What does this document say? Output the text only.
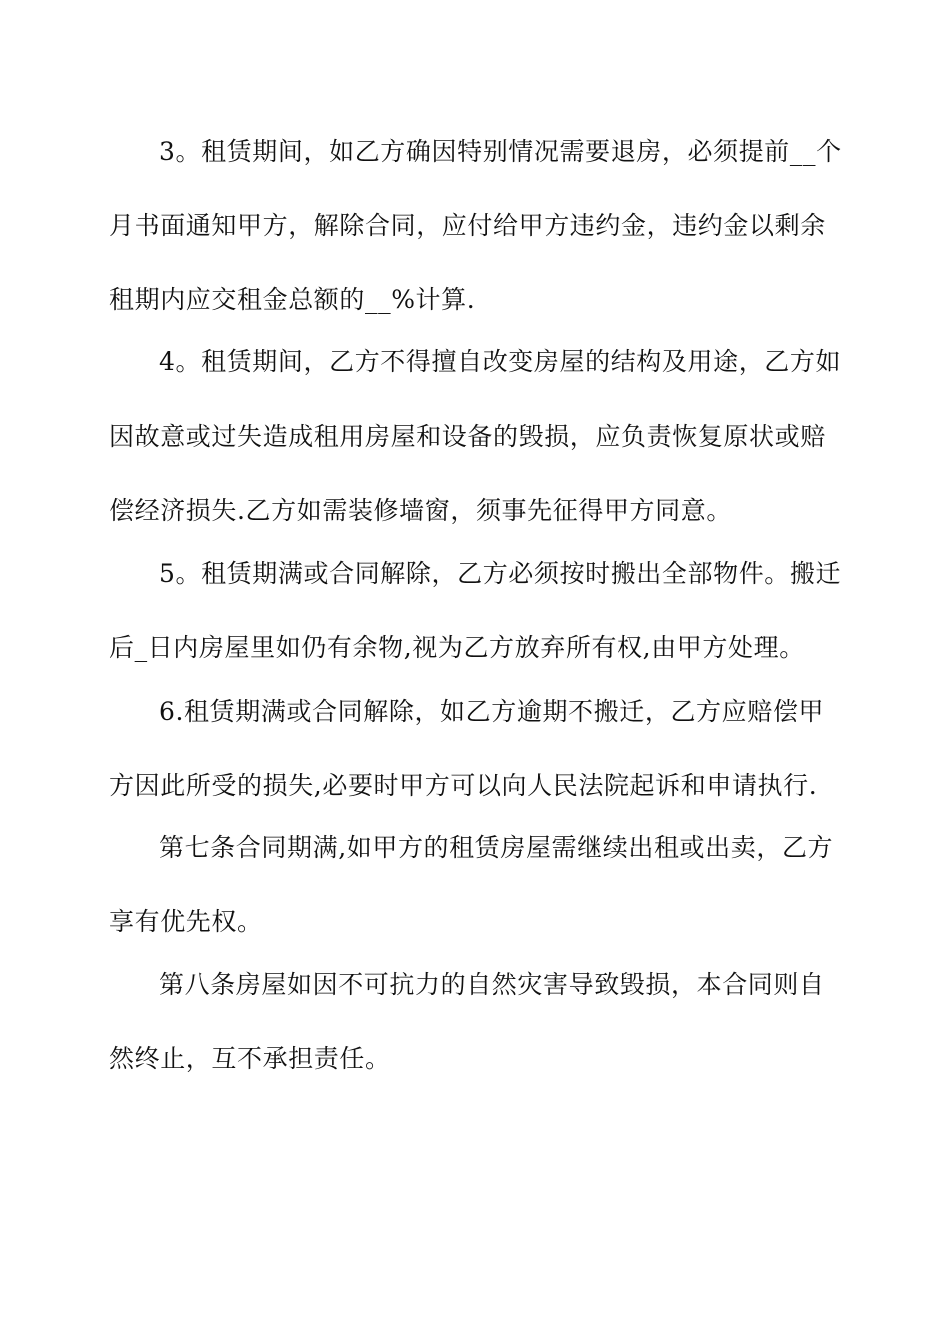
3。租赁期间，如乙方确因特别情况需要退房，必须提前__个
月书面通知甲方，解除合同，应付给甲方违约金，违约金以剩余
租期内应交租金总额的__%计算.
4。租赁期间，乙方不得擅自改变房屋的结构及用途，乙方如
因故意或过失造成租用房屋和设备的毁损，应负责恢复原状或赔
偿经济损失.乙方如需装修墙窗，须事先征得甲方同意。
5。租赁期满或合同解除，乙方必须按时搬出全部物件。搬迁
后_日内房屋里如仍有余物,视为乙方放弃所有权,由甲方处理。
6.租赁期满或合同解除，如乙方逾期不搬迁，乙方应赔偿甲
方因此所受的损失,必要时甲方可以向人民法院起诉和申请执行.
第七条合同期满,如甲方的租赁房屋需继续出租或出卖，乙方
享有优先权。
第八条房屋如因不可抗力的自然灾害导致毁损，本合同则自
然终止，互不承担责任。
